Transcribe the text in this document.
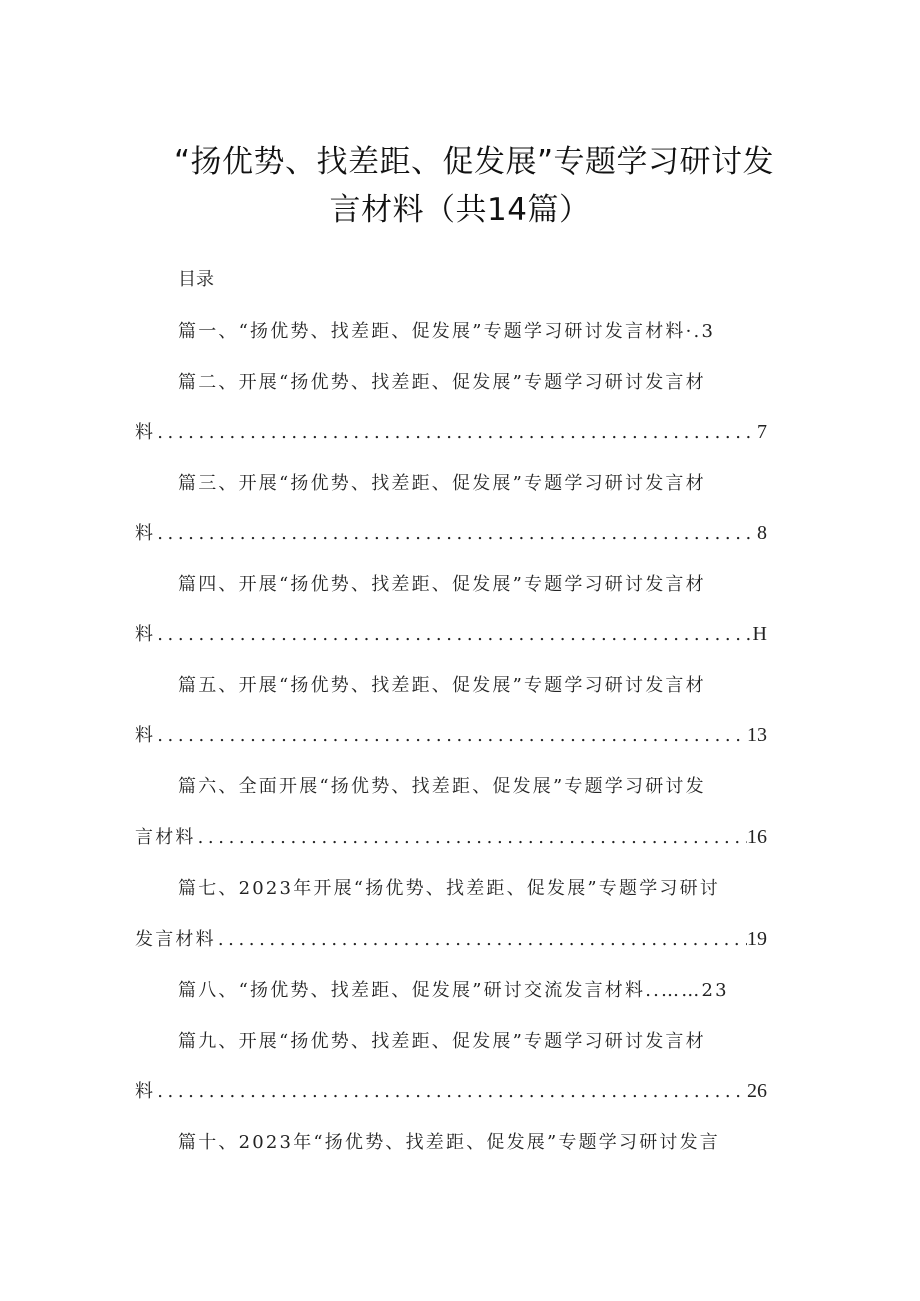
“扬优势、找差距、促发展”专题学习研讨发
言材料（共14篇）
目录
篇一、“扬优势、找差距、促发展”专题学习研讨发言材料·.3
篇二、开展“扬优势、找差距、促发展”专题学习研讨发言材
料 .....	7
篇三、开展“扬优势、找差距、促发展”专题学习研讨发言材
料 .....	8
篇四、开展“扬优势、找差距、促发展”专题学习研讨发言材
料 .....	H
篇五、开展“扬优势、找差距、促发展”专题学习研讨发言材
料 .....	13
篇六、全面开展“扬优势、找差距、促发展”专题学习研讨发
言材料 .....	16
篇七、2023年开展“扬优势、找差距、促发展”专题学习研讨
发言材料 .....	19
篇八、“扬优势、找差距、促发展”研讨交流发言材料..……23
篇九、开展“扬优势、找差距、促发展”专题学习研讨发言材
料 .....	26
篇十、2023年“扬优势、找差距、促发展”专题学习研讨发言
